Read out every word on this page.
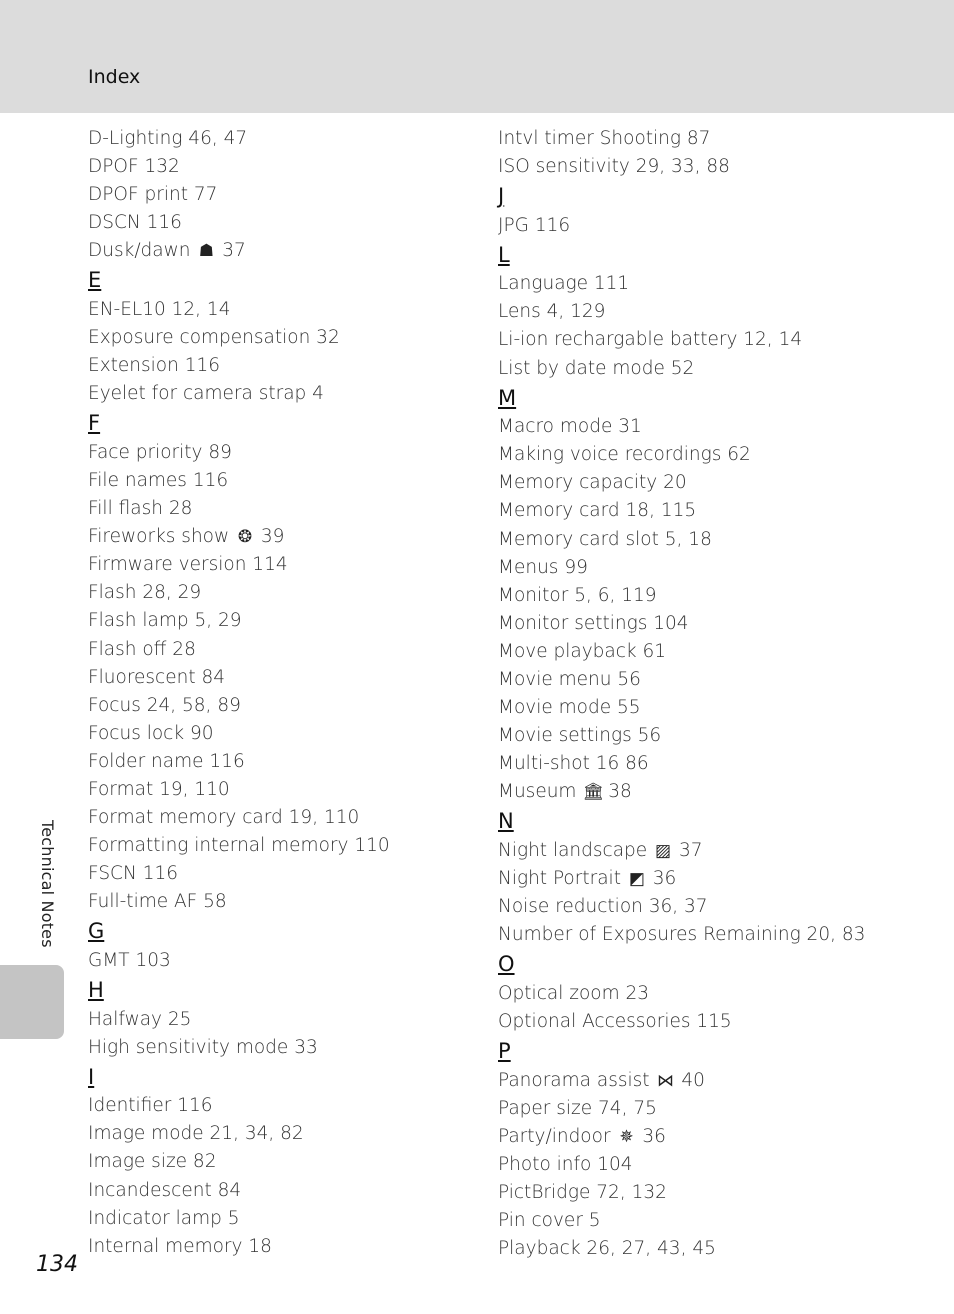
Index
D-Lighting 46, 47
DPOF 132
DPOF print 77
DSCN 116
Dusk/dawn ☗ 37
E
EN-EL10 12, 14
Exposure compensation 32
Extension 116
Eyelet for camera strap 4
F
Face priority 89
File names 116
Fill flash 28
Fireworks show ❂ 39
Firmware version 114
Flash 28, 29
Flash lamp 5, 29
Flash off 28
Fluorescent 84
Focus 24, 58, 89
Focus lock 90
Folder name 116
Format 19, 110
Format memory card 19, 110
Formatting internal memory 110
FSCN 116
Full-time AF 58
G
GMT 103
H
Halfway 25
High sensitivity mode 33
I
Identifier 116
Image mode 21, 34, 82
Image size 82
Incandescent 84
Indicator lamp 5
Internal memory 18
Intvl timer Shooting 87
ISO sensitivity 29, 33, 88
J
JPG 116
L
Language 111
Lens 4, 129
Li-ion rechargable battery 12, 14
List by date mode 52
M
Macro mode 31
Making voice recordings 62
Memory capacity 20
Memory card 18, 115
Memory card slot 5, 18
Menus 99
Monitor 5, 6, 119
Monitor settings 104
Move playback 61
Movie menu 56
Movie mode 55
Movie settings 56
Multi-shot 16 86
Museum 🏛 38
N
Night landscape ▨ 37
Night Portrait ◩ 36
Noise reduction 36, 37
Number of Exposures Remaining 20, 83
O
Optical zoom 23
Optional Accessories 115
P
Panorama assist ⋈ 40
Paper size 74, 75
Party/indoor ✵ 36
Photo info 104
PictBridge 72, 132
Pin cover 5
Playback 26, 27, 43, 45
Technical Notes
134
